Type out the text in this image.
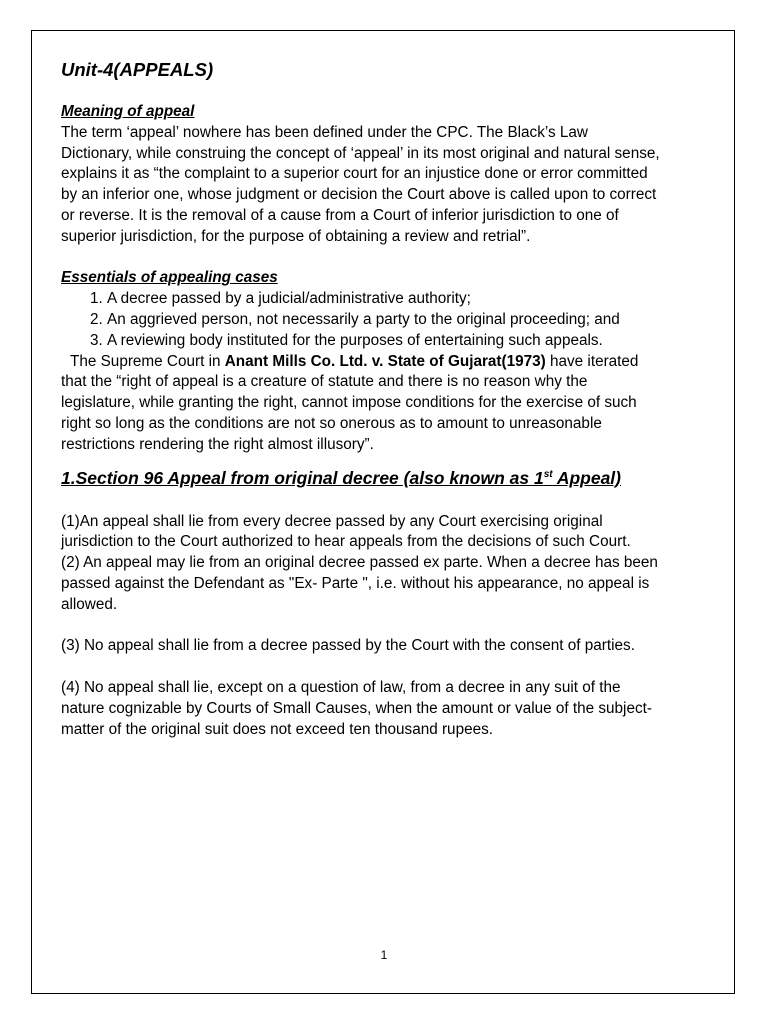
Unit-4(APPEALS)

Meaning of appeal

The term ‘appeal’ nowhere has been defined under the CPC. The Black’s Law Dictionary, while construing the concept of ‘appeal’ in its most original and natural sense, explains it as “the complaint to a superior court for an injustice done or error committed by an inferior one, whose judgment or decision the Court above is called upon to correct or reverse. It is the removal of a cause from a Court of inferior jurisdiction to one of superior jurisdiction, for the purpose of obtaining a review and retrial”.

Essentials of appealing cases

1. A decree passed by a judicial/administrative authority;
2. An aggrieved person, not necessarily a party to the original proceeding; and
3. A reviewing body instituted for the purposes of entertaining such appeals.

The Supreme Court in Anant Mills Co. Ltd. v. State of Gujarat(1973) have iterated that the “right of appeal is a creature of statute and there is no reason why the legislature, while granting the right, cannot impose conditions for the exercise of such right so long as the conditions are not so onerous as to amount to unreasonable restrictions rendering the right almost illusory”.

1.Section 96 Appeal from original decree (also known as 1st Appeal)

(1)An appeal shall lie from every decree passed by any Court exercising original jurisdiction to the Court authorized to hear appeals from the decisions of such Court.

(2) An appeal may lie from an original decree passed ex parte. When a decree has been passed against the Defendant as "Ex- Parte ", i.e. without his appearance, no appeal is allowed.

(3) No appeal shall lie from a decree passed by the Court with the consent of parties.

(4) No appeal shall lie, except on a question of law, from a decree in any suit of the nature cognizable by Courts of Small Causes, when the amount or value of the subject-matter of the original suit does not exceed ten thousand rupees.

1
